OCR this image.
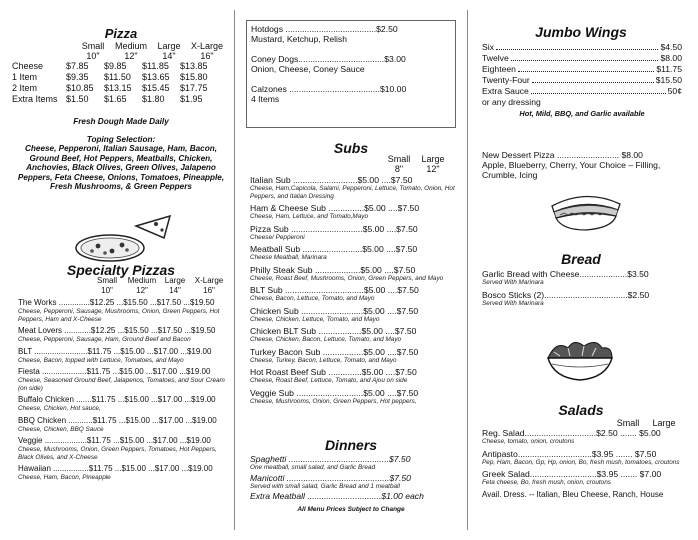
Pizza
Small	Medium	Large	X-Large
10"	12"	14"	16"
Cheese	$7.85	$9.85	$11.85	$13.85
1 Item	$9.35	$11.50	$13.65	$15.80
2 Item	$10.85	$13.15	$15.45	$17.75
Extra Items $1.50	$1.65	$1.80	$1.95
Fresh Dough Made Daily
Toping Selection:
Cheese, Pepperoni, Italian Sausage, Ham, Bacon, Ground Beef, Hot Peppers, Meatballs, Chicken, Anchovies, Black Olives, Green Olives, Jalapeno Peppers, Feta Cheese, Onions, Tomatoes, Pineapple, Fresh Mushrooms, & Green Peppers
Specialty Pizzas
Small	Medium	Large	X-Large
10"	12"	14"	16"
The Works ..............$12.25 ...$15.50 ...$17.50 ...$19.50
Cheese, Pepperoni, Sausage, Mushrooms, Onion, Green Peppers, Hot Peppers, Ham and X-Cheese
Meat Lovers ............$12.25 ...$15.50 ...$17.50 ...$19.50
Cheese, Pepperoni, Sausage, Ham, Ground Beef and Bacon
BLT ........................$11.75 ...$15.00 ...$17.00 ...$19.00
Cheese, Bacon, topped with Lettuce, Tomatoes, and Mayo
Fiesta ....................$11.75 ...$15.00 ...$17.00 ...$19.00
Cheese, Seasoned Ground Beef, Jalapenos, Tomatoes, and Sour Cream (on side)
Buffalo Chicken .......$11.75 ...$15.00 ...$17.00 ...$19.00
Cheese, Chicken, Hot sauce,
BBQ Chicken ...........$11.75 ...$15.00 ...$17.00 ...$19.00
Cheese, Chicken, BBQ Sauce
Veggie ...................$11.75 ...$15.00 ...$17.00 ...$19.00
Cheese, Mushrooms, Onion, Green Peppers, Tomatoes, Hot Peppers, Black Olives, and X-Cheese
Hawaiian ................$11.75 ...$15.00 ...$17.00 ...$19.00
Cheese, Ham, Bacon, Pineapple
Hotdogs ......................................$2.50
Mustard, Ketchup, Relish
Coney Dogs....................................$3.00
Onion, Cheese, Coney Sauce
Calzones ......................................$10.00
4 Items
Subs
Small	Large
8"	12"
Italian Sub ...........................$5.00 ....$7.50
Cheese, Ham,Capicola, Salami, Pepperoni, Lettuce, Tomato, Onion, Hot Peppers, and Italian Dressing
Ham & Cheese Sub ...............$5.00 ....$7.50
Cheese, Ham, Lettuce, and Tomato,Mayo
Pizza Sub ..............................$5.00 ....$7.50
Cheese/ Pepperoni
Meatball Sub .........................$5.00 ....$7.50
Cheese Meatball, Marinara
Philly Steak Sub ...................$5.00 ....$7.50
Cheese, Roast Beef, Mushrooms, Onion, Green Peppers, and Mayo
BLT Sub .................................$5.00 ....$7.50
Cheese, Bacon, Lettuce, Tomato, and Mayo
Chicken Sub ..........................$5.00 ....$7.50
Cheese, Chicken, Lettuce, Tomato, and Mayo
Chicken BLT Sub ..................$5.00 ....$7.50
Cheese, Chicken, Bacon, Lettuce, Tomato, and Mayo
Turkey Bacon Sub .................$5.00 ....$7.50
Cheese, Turkey, Bacon, Lettuce, Tomato, and Mayo
Hot Roast Beef Sub ..............$5.00 ....$7.50
Cheese, Roast Beef, Lettuce, Tomato, and Ajou on side
Veggie Sub ............................$5.00 ....$7.50
Cheese, Mushrooms, Onion, Green Peppers, Hot peppers,
Dinners
Spaghetti ..........................................$7.50
One meatball, small salad, and Garlic Bread
Manicotti ...........................................$7.50
Served with small salad, Garlic Bread and 1 meatball
Extra Meatball ...............................$1.00 each
All Menu Prices Subject to Change
Jumbo Wings
Six	$4.50
Twelve	$8.00
Eighteen	$11.75
Twenty-Four	$15.50
Extra Sauce	50¢
or any dressing
Hot, Mild, BBQ, and Garlic available
New Dessert Pizza .......................... $8.00
Apple, Blueberry, Cherry, Your Choice – Filling, Crumble, Icing
Bread
Garlic Bread with Cheese....................$3.50
Served With Marinara
Bosco Sticks (2)...................................$2.50
Served With Marinara
Salads
Small	Large
Reg. Salad..............................$2.50 ....... $5.00
Cheese, tomato, onion, croutons
Antipasto...............................$3.95 ....... $7.50
Pep, Ham, Bacon, Gp, Hp, onion, Bo, fresh mush, tomatoes, croutons
Greek Salad............................$3.95 ....... $7.00
Feta cheese, Bo, fresh mush, onion, croutons
Avail. Dress. -- Italian, Bleu Cheese, Ranch, House
